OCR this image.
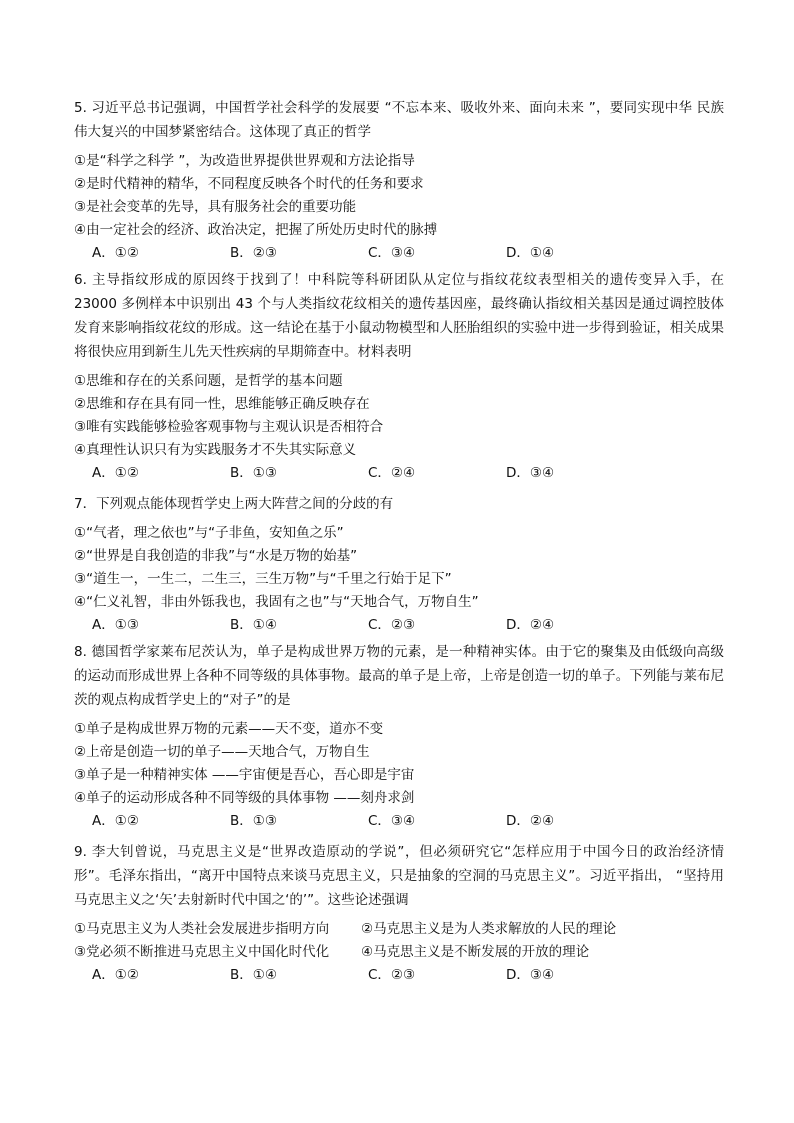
5. 习近平总书记强调，中国哲学社会科学的发展要 “不忘本来、吸收外来、面向未来 ”，要同实现中华 民族伟大复兴的中国梦紧密结合。这体现了真正的哲学

①是“科学之科学 ”，为改造世界提供世界观和方法论指导

②是时代精神的精华，不同程度反映各个时代的任务和要求

③是社会变革的先导，具有服务社会的重要功能

④由一定社会的经济、政治决定，把握了所处历史时代的脉搏

A．①②	B．②③	C．③④	D．①④

6. 主导指纹形成的原因终于找到了！中科院等科研团队从定位与指纹花纹表型相关的遗传变异入手，在 23000 多例样本中识别出 43 个与人类指纹花纹相关的遗传基因座，最终确认指纹相关基因是通过调控肢体发育来影响指纹花纹的形成。这一结论在基于小鼠动物模型和人胚胎组织的实验中进一步得到验证，相关成果将很快应用到新生儿先天性疾病的早期筛查中。材料表明

①思维和存在的关系问题，是哲学的基本问题

②思维和存在具有同一性，思维能够正确反映存在

③唯有实践能够检验客观事物与主观认识是否相符合

④真理性认识只有为实践服务才不失其实际意义

A．①②	B．①③	C．②④	D．③④

7．下列观点能体现哲学史上两大阵营之间的分歧的有

①“气者，理之依也”与“子非鱼，安知鱼之乐”

②“世界是自我创造的非我”与“水是万物的始基”

③“道生一，一生二，二生三，三生万物”与“千里之行始于足下”

④“仁义礼智，非由外铄我也，我固有之也”与“天地合气，万物自生”

A．①③	B．①④	C．②③	D．②④

8. 德国哲学家莱布尼茨认为，单子是构成世界万物的元素，是一种精神实体。由于它的聚集及由低级向高级的运动而形成世界上各种不同等级的具体事物。最高的单子是上帝，上帝是创造一切的单子。下列能与莱布尼茨的观点构成哲学史上的“对子”的是

①单子是构成世界万物的元素——天不变，道亦不变

②上帝是创造一切的单子——天地合气，万物自生

③单子是一种精神实体 ——宇宙便是吾心，吾心即是宇宙

④单子的运动形成各种不同等级的具体事物 ——刻舟求剑

A．①②	B．①③	C．③④	D．②④

9. 李大钊曾说，马克思主义是“世界改造原动的学说”，但必须研究它“怎样应用于中国今日的政治经济情形”。毛泽东指出，“离开中国特点来谈马克思主义，只是抽象的空洞的马克思主义”。习近平指出， “坚持用马克思主义之‘矢’去射新时代中国之‘的’”。这些论述强调

①马克思主义为人类社会发展进步指明方向	②马克思主义是为人类求解放的人民的理论

③党必须不断推进马克思主义中国化时代化	④马克思主义是不断发展的开放的理论

A．①②	B．①④	C．②③	D．③④
